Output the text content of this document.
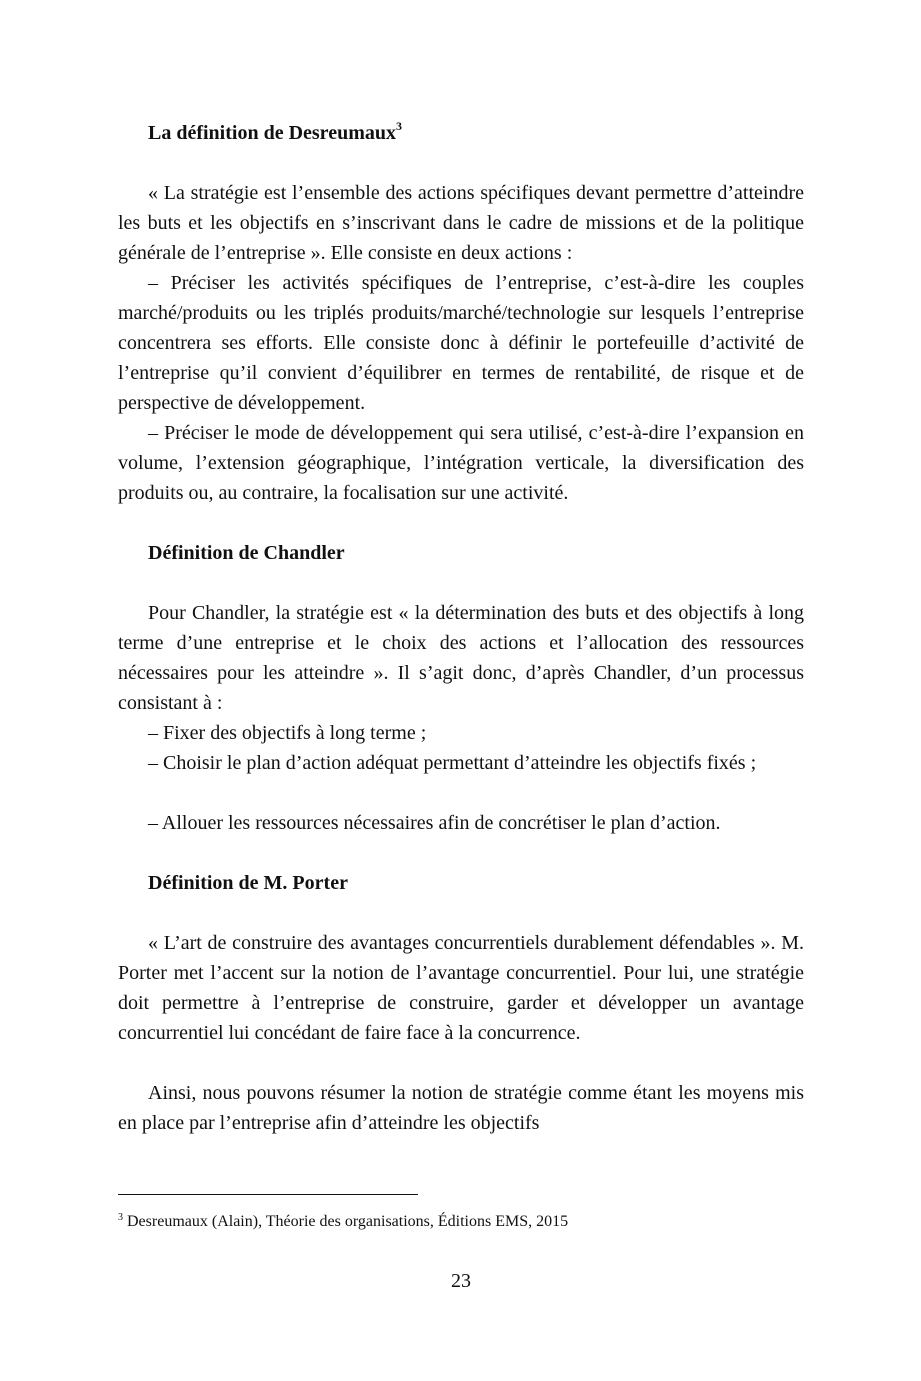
La définition de Desreumaux$^3$

« La stratégie est l’ensemble des actions spécifiques devant permettre d’atteindre les buts et les objectifs en s’inscrivant dans le cadre de missions et de la politique générale de l’entreprise ». Elle consiste en deux actions :

– Préciser les activités spécifiques de l’entreprise, c’est-à-dire les couples marché/produits ou les triplés produits/marché/technologie sur lesquels l’entreprise concentrera ses efforts. Elle consiste donc à définir le portefeuille d’activité de l’entreprise qu’il convient d’équilibrer en termes de rentabilité, de risque et de perspective de développement.

– Préciser le mode de développement qui sera utilisé, c’est-à-dire l’expansion en volume, l’extension géographique, l’intégration verticale, la diversification des produits ou, au contraire, la focalisation sur une activité.

Définition de Chandler

Pour Chandler, la stratégie est « la détermination des buts et des objectifs à long terme d’une entreprise et le choix des actions et l’allocation des ressources nécessaires pour les atteindre ». Il s’agit donc, d’après Chandler, d’un processus consistant à :

– Fixer des objectifs à long terme ;

– Choisir le plan d’action adéquat permettant d’atteindre les objectifs fixés ;

– Allouer les ressources nécessaires afin de concrétiser le plan d’action.

Définition de M. Porter

« L’art de construire des avantages concurrentiels durablement défendables ». M. Porter met l’accent sur la notion de l’avantage concurrentiel. Pour lui, une stratégie doit permettre à l’entreprise de construire, garder et développer un avantage concurrentiel lui concédant de faire face à la concurrence.

Ainsi, nous pouvons résumer la notion de stratégie comme étant les moyens mis en place par l’entreprise afin d’atteindre les objectifs

$^3$ Desreumaux (Alain), Théorie des organisations, Éditions EMS, 2015

23
